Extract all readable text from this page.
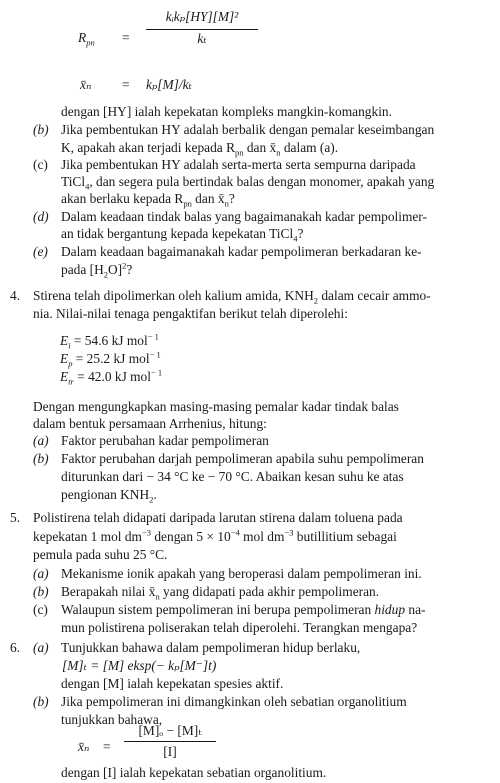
$R_{pn}$ =
kᵢkₚ[HY][M]²
kₜ
x̄ₙ = kₚ[M]/kₜ
dengan [HY] ialah kepekatan kompleks mangkin-komangkin.
(b) Jika pembentukan HY adalah berbalik dengan pemalar keseimbangan
K, apakah akan terjadi kepada $R_{pn}$ dan $x̄_n$ dalam (a).
(c) Jika pembentukan HY adalah serta-merta serta sempurna daripada
TiCl$_4$, dan segera pula bertindak balas dengan monomer, apakah yang
akan berlaku kepada $R_{pn}$ dan $x̄_n$?
(d) Dalam keadaan tindak balas yang bagaimanakah kadar pempolimer-
an tidak bergantung kepada kepekatan TiCl$_4$?
(e) Dalam keadaan bagaimanakah kadar pempolimeran berkadaran ke-
pada $[H_2O]^2$?
4. Stirena telah dipolimerkan oleh kalium amida, $KNH_2$ dalam cecair ammo-
nia. Nilai-nilai tenaga pengaktifan berikut telah diperolehi:
$E_i = 54.6$ kJ mol$^{- 1}$
$E_p = 25.2$ kJ mol$^{- 1}$
$E_{tr} = 42.0$ kJ mol$^{- 1}$
Dengan mengungkapkan masing-masing pemalar kadar tindak balas
dalam bentuk persamaan Arrhenius, hitung:
(a) Faktor perubahan kadar pempolimeran
(b) Faktor perubahan darjah pempolimeran apabila suhu pempolimeran
diturunkan dari − 34 °C ke − 70 °C. Abaikan kesan suhu ke atas
pengionan $KNH_2$.
5. Polistirena telah didapati daripada larutan stirena dalam toluena pada
kepekatan 1 mol $dm^{-3}$ dengan $5 \times 10^{-4}$ mol $dm^{-3}$ butillitium sebagai
pemula pada suhu 25 °C.
(a) Mekanisme ionik apakah yang beroperasi dalam pempolimeran ini.
(b) Berapakah nilai $x̄_n$ yang didapati pada akhir pempolimeran.
(c) Walaupun sistem pempolimeran ini berupa pempolimeran hidup na-
mun polistirena poliserakan telah diperolehi. Terangkan mengapa?
6. (a) Tunjukkan bahawa dalam pempolimeran hidup berlaku,
[M]ₜ = [M] eksp(− kₚ[M⁻]t)
dengan [M] ialah kepekatan spesies aktif.
(b) Jika pempolimeran ini dimangkinkan oleh sebatian organolitium
tunjukkan bahawa,
x̄ₙ =
[M]ₒ − [M]ₜ
[I]
dengan [I] ialah kepekatan sebatian organolitium.
